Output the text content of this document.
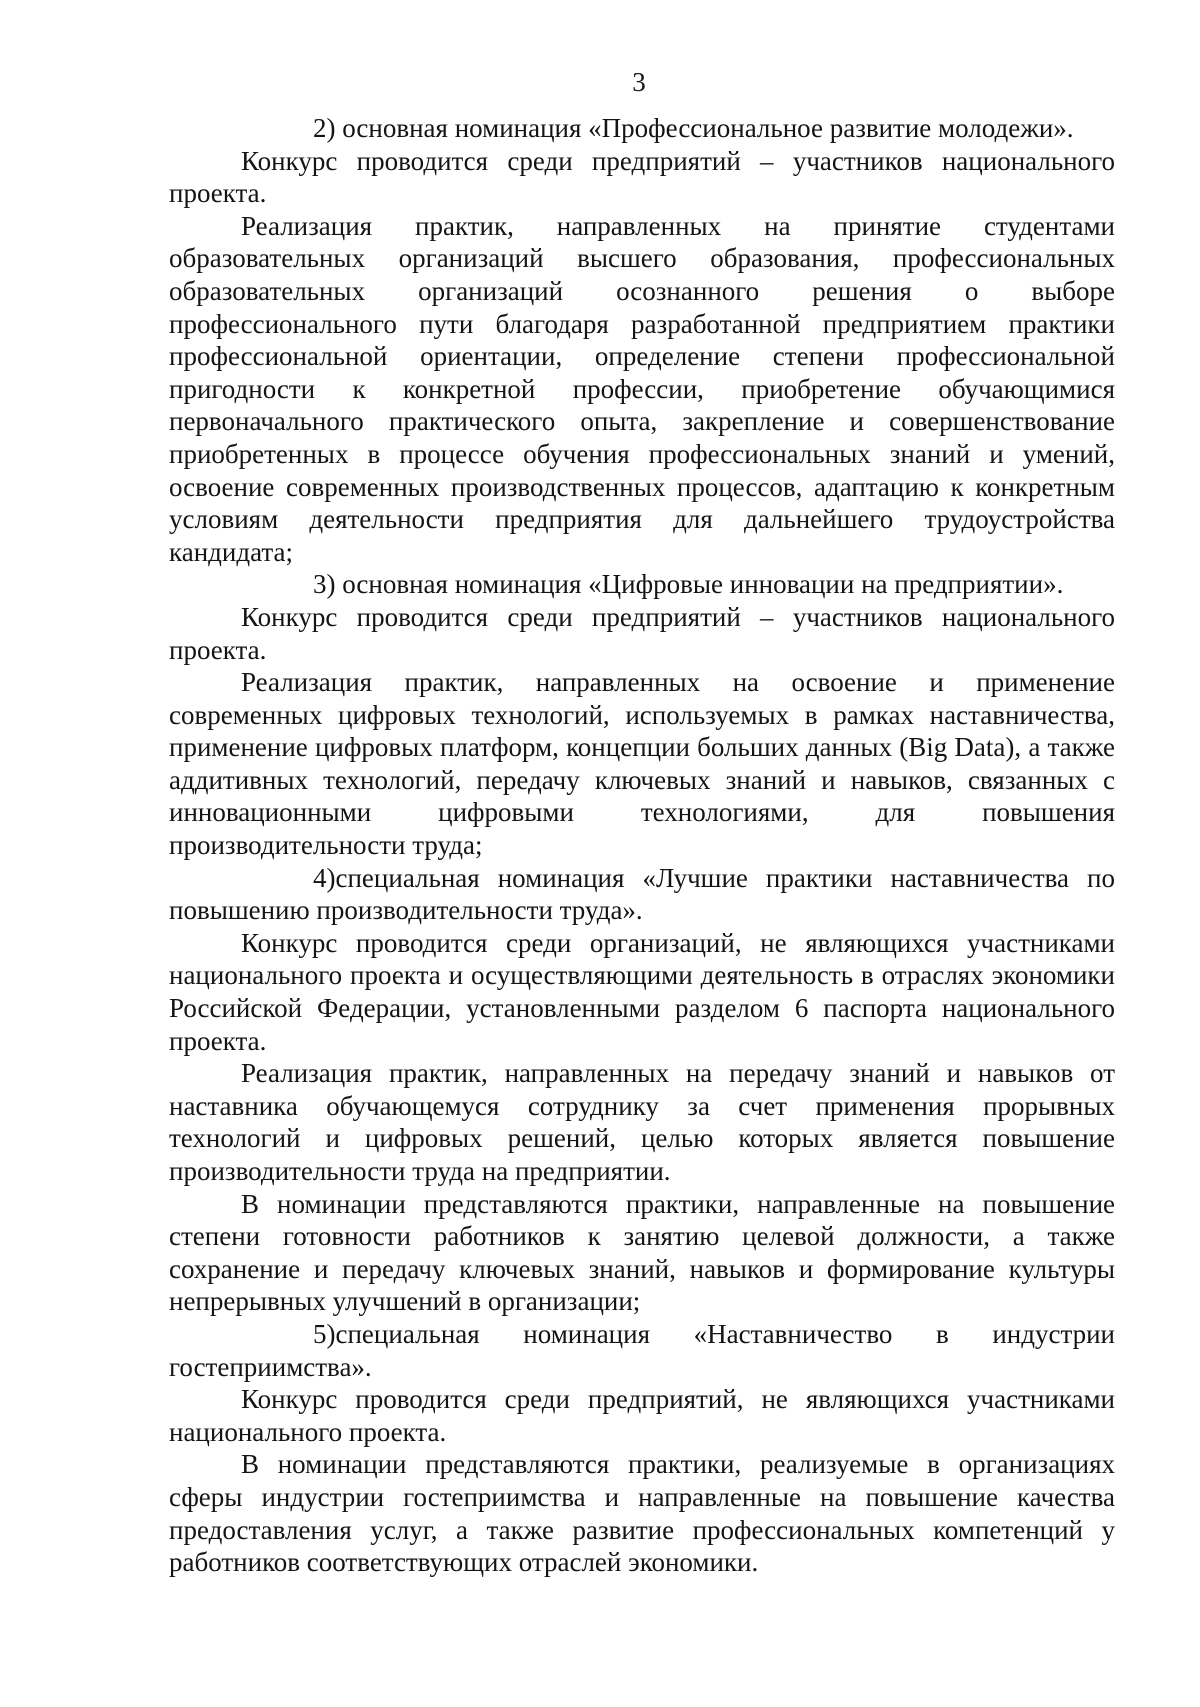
3

2) основная номинация «Профессиональное развитие молодежи».

Конкурс проводится среди предприятий – участников национального проекта.

Реализация практик, направленных на принятие студентами образовательных организаций высшего образования, профессиональных образовательных организаций осознанного решения о выборе профессионального пути благодаря разработанной предприятием практики профессиональной ориентации, определение степени профессиональной пригодности к конкретной профессии, приобретение обучающимися первоначального практического опыта, закрепление и совершенствование приобретенных в процессе обучения профессиональных знаний и умений, освоение современных производственных процессов, адаптацию к конкретным условиям деятельности предприятия для дальнейшего трудоустройства кандидата;

3) основная номинация «Цифровые инновации на предприятии».

Конкурс проводится среди предприятий – участников национального проекта.

Реализация практик, направленных на освоение и применение современных цифровых технологий, используемых в рамках наставничества, применение цифровых платформ, концепции больших данных (Big Data), а также аддитивных технологий, передачу ключевых знаний и навыков, связанных с инновационными цифровыми технологиями, для повышения производительности труда;

4)специальная номинация «Лучшие практики наставничества по повышению производительности труда».

Конкурс проводится среди организаций, не являющихся участниками национального проекта и осуществляющими деятельность в отраслях экономики Российской Федерации, установленными разделом 6 паспорта национального проекта.

Реализация практик, направленных на передачу знаний и навыков от наставника обучающемуся сотруднику за счет применения прорывных технологий и цифровых решений, целью которых является повышение производительности труда на предприятии.

В номинации представляются практики, направленные на повышение степени готовности работников к занятию целевой должности, а также сохранение и передачу ключевых знаний, навыков и формирование культуры непрерывных улучшений в организации;

5)специальная номинация «Наставничество в индустрии гостеприимства».

Конкурс проводится среди предприятий, не являющихся участниками национального проекта.

В номинации представляются практики, реализуемые в организациях сферы индустрии гостеприимства и направленные на повышение качества предоставления услуг, а также развитие профессиональных компетенций у работников соответствующих отраслей экономики.
